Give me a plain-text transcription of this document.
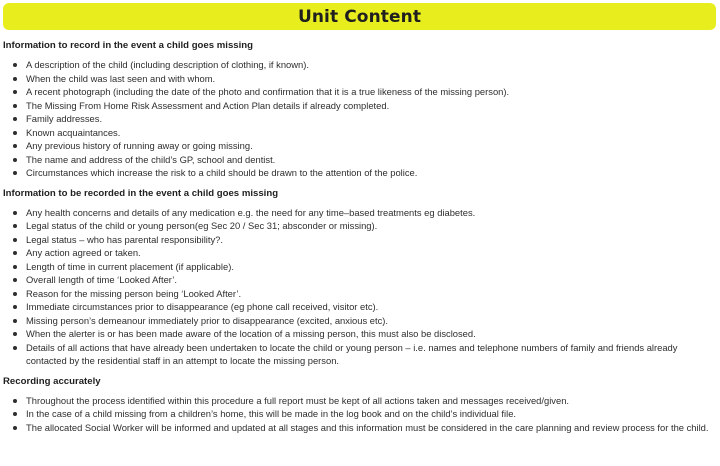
Unit Content
Information to record in the event a child goes missing
A description of the child (including description of clothing, if known).
When the child was last seen and with whom.
A recent photograph (including the date of the photo and confirmation that it is a true likeness of the missing person).
The Missing From Home Risk Assessment and Action Plan details if already completed.
Family addresses.
Known acquaintances.
Any previous history of running away or going missing.
The name and address of the child’s GP, school and dentist.
Circumstances which increase the risk to a child should be drawn to the attention of the police.
Information to be recorded in the event a child goes missing
Any health concerns and details of any medication e.g. the need for any time–based treatments eg diabetes.
Legal status of the child or young person(eg Sec 20 / Sec 31; absconder or missing).
Legal status – who has parental responsibility?.
Any action agreed or taken.
Length of time in current placement (if applicable).
Overall length of time ‘Looked After’.
Reason for the missing person being ‘Looked After’.
Immediate circumstances prior to disappearance (eg phone call received, visitor etc).
Missing person’s demeanour immediately prior to disappearance (excited, anxious etc).
When the alerter is or has been made aware of the location of a missing person, this must also be disclosed.
Details of all actions that have already been undertaken to locate the child or young person – i.e. names and telephone numbers of family and friends already contacted by the residential staff in an attempt to locate the missing person.
Recording accurately
Throughout the process identified within this procedure a full report must be kept of all actions taken and messages received/given.
In the case of a child missing from a children’s home, this will be made in the log book and on the child’s individual file.
The allocated Social Worker will be informed and updated at all stages and this information must be considered in the care planning and review process for the child.
